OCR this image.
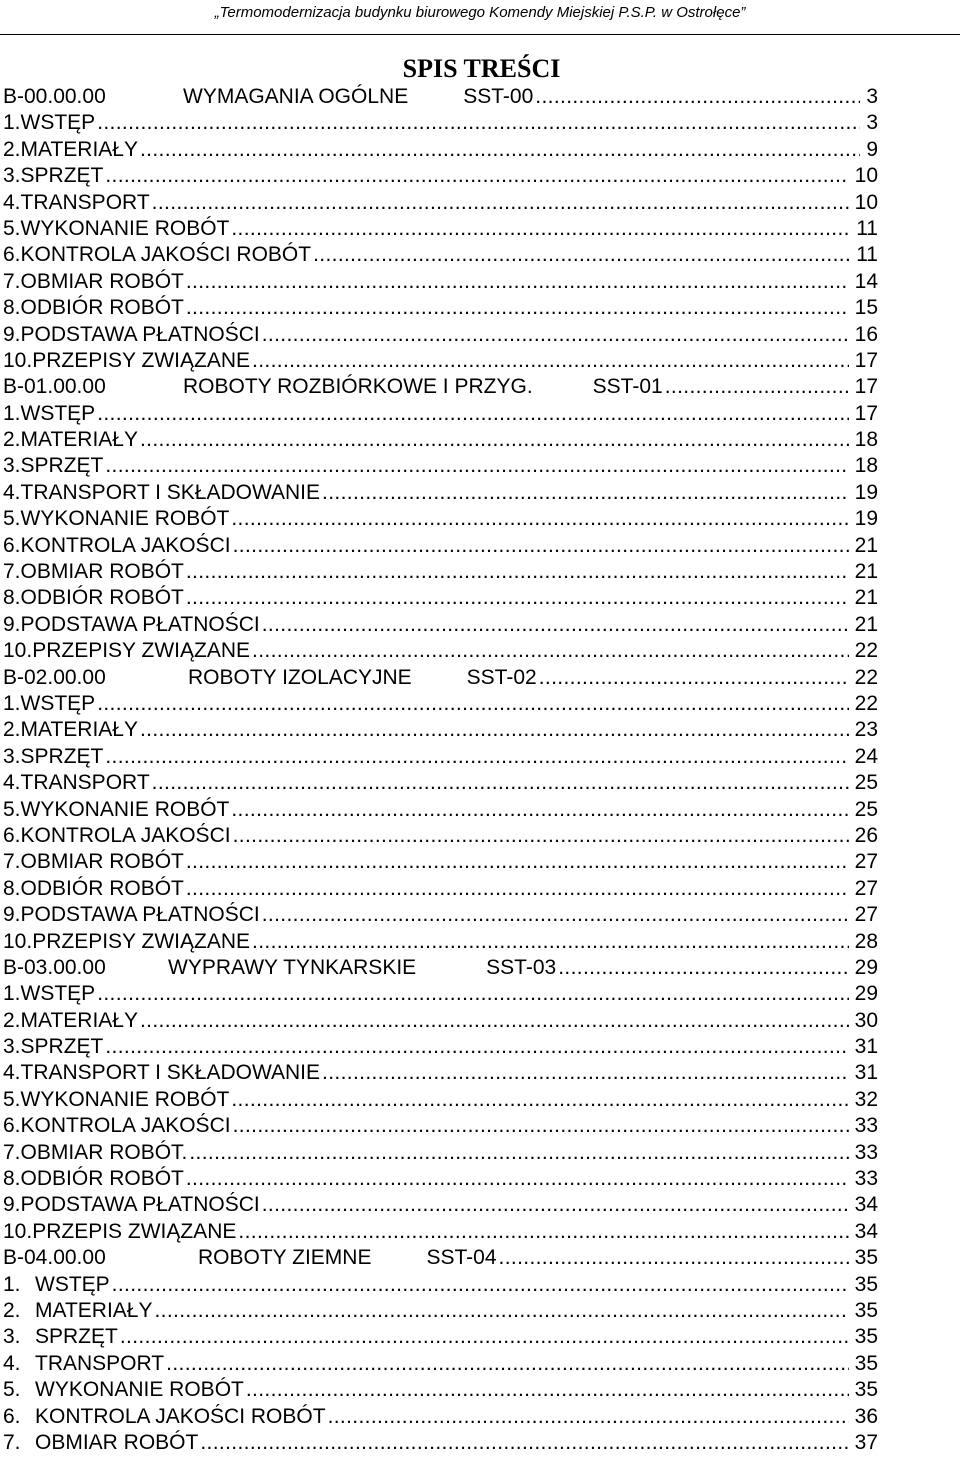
„Termomodernizacja budynku biurowego Komendy Miejskiej P.S.P. w Ostrołęce”
SPIS TREŚCI
B-00.00.00	WYMAGANIA OGÓLNE	SST-00 .....	3
1.WSTĘP .....	3
2.MATERIAŁY .....	9
3.SPRZĘT .....	10
4.TRANSPORT .....	10
5.WYKONANIE ROBÓT .....	11
6.KONTROLA JAKOŚCI ROBÓT .....	11
7.OBMIAR ROBÓT .....	14
8.ODBIÓR ROBÓT .....	15
9.PODSTAWA PŁATNOŚCI .....	16
10.PRZEPISY ZWIĄZANE .....	17
B-01.00.00	ROBOTY ROZBIÓRKOWE I PRZYG.	SST-01 .....	17
1.WSTĘP .....	17
2.MATERIAŁY .....	18
3.SPRZĘT .....	18
4.TRANSPORT I SKŁADOWANIE .....	19
5.WYKONANIE ROBÓT .....	19
6.KONTROLA JAKOŚCI .....	21
7.OBMIAR ROBÓT .....	21
8.ODBIÓR ROBÓT .....	21
9.PODSTAWA PŁATNOŚCI .....	21
10.PRZEPISY ZWIĄZANE .....	22
B-02.00.00	ROBOTY IZOLACYJNE	SST-02 .....	22
1.WSTĘP .....	22
2.MATERIAŁY .....	23
3.SPRZĘT .....	24
4.TRANSPORT .....	25
5.WYKONANIE ROBÓT .....	25
6.KONTROLA JAKOŚCI .....	26
7.OBMIAR ROBÓT .....	27
8.ODBIÓR ROBÓT .....	27
9.PODSTAWA PŁATNOŚCI .....	27
10.PRZEPISY ZWIĄZANE .....	28
B-03.00.00	WYPRAWY TYNKARSKIE	SST-03 .....	29
1.WSTĘP .....	29
2.MATERIAŁY .....	30
3.SPRZĘT .....	31
4.TRANSPORT I SKŁADOWANIE .....	31
5.WYKONANIE ROBÓT .....	32
6.KONTROLA JAKOŚCI .....	33
7.OBMIAR ROBÓT. .....	33
8.ODBIÓR ROBÓT .....	33
9.PODSTAWA PŁATNOŚCI .....	34
10.PRZEPIS ZWIĄZANE .....	34
B-04.00.00	ROBOTY ZIEMNE	SST-04 .....	35
1. WSTĘP .....	35
2. MATERIAŁY .....	35
3. SPRZĘT .....	35
4. TRANSPORT .....	35
5. WYKONANIE ROBÓT .....	35
6. KONTROLA JAKOŚCI ROBÓT .....	36
7. OBMIAR ROBÓT .....	37
